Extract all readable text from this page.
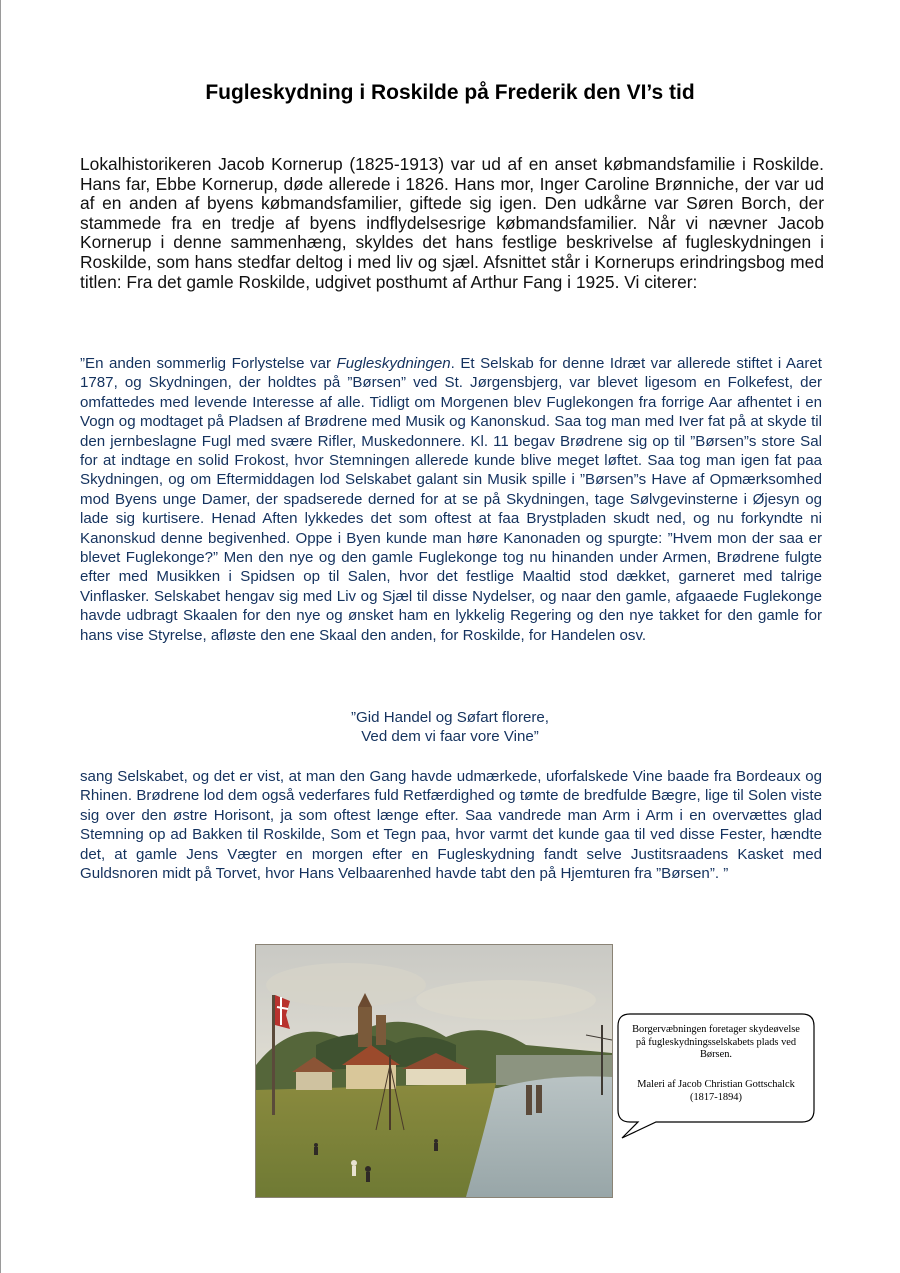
Fugleskydning i Roskilde på Frederik den VI’s tid

Lokalhistorikeren Jacob Kornerup (1825-1913) var ud af en anset købmandsfamilie i Roskilde. Hans far, Ebbe Kornerup, døde allerede i 1826. Hans mor, Inger Caroline Brønniche, der var ud af en anden af byens købmandsfamilier, giftede sig igen. Den udkårne var Søren Borch, der stammede fra en tredje af byens indflydelsesrige købmandsfamilier. Når vi nævner Jacob Kornerup i denne sammenhæng, skyldes det hans festlige beskrivelse af fugleskydningen i Roskilde, som hans stedfar deltog i med liv og sjæl. Afsnittet står i Kornerups erindringsbog med titlen: Fra det gamle Roskilde, udgivet posthumt af Arthur Fang i 1925. Vi citerer:

”En anden sommerlig Forlystelse var Fugleskydningen. Et Selskab for denne Idræt var allerede stiftet i Aaret 1787, og Skydningen, der holdtes på ”Børsen” ved St. Jørgensbjerg, var blevet ligesom en Folkefest, der omfattedes med levende Interesse af alle. Tidligt om Morgenen blev Fuglekongen fra forrige Aar afhentet i en Vogn og modtaget på Pladsen af Brødrene med Musik og Kanonskud. Saa tog man med Iver fat på at skyde til den jernbeslagne Fugl med svære Rifler, Muskedonnere. Kl. 11 begav Brødrene sig op til ”Børsen”s store Sal for at indtage en solid Frokost, hvor Stemningen allerede kunde blive meget løftet. Saa tog man igen fat paa Skydningen, og om Eftermiddagen lod Selskabet galant sin Musik spille i ”Børsen”s Have af Opmærksomhed mod Byens unge Damer, der spadserede derned for at se på Skydningen, tage Sølvgevinsterne i Øjesyn og lade sig kurtisere. Henad Aften lykkedes det som oftest at faa Brystpladen skudt ned, og nu forkyndte ni Kanonskud denne begivenhed. Oppe i Byen kunde man høre Kanonaden og spurgte: ”Hvem mon der saa er blevet Fuglekonge?” Men den nye og den gamle Fuglekonge tog nu hinanden under Armen, Brødrene fulgte efter med Musikken i Spidsen op til Salen, hvor det festlige Maaltid stod dækket, garneret med talrige Vinflasker. Selskabet hengav sig med Liv og Sjæl til disse Nydelser, og naar den gamle, afgaaede Fuglekonge havde udbragt Skaalen for den nye og ønsket ham en lykkelig Regering og den nye takket for den gamle for hans vise Styrelse, afløste den ene Skaal den anden, for Roskilde, for Handelen osv.

”Gid Handel og Søfart florere,
Ved dem vi faar vore Vine”

sang Selskabet, og det er vist, at man den Gang havde udmærkede, uforfalskede Vine baade fra Bordeaux og Rhinen. Brødrene lod dem også vederfares fuld Retfærdighed og tømte de bredfulde Bægre, lige til Solen viste sig over den østre Horisont, ja som oftest længe efter. Saa vandrede man Arm i Arm i en overvættes glad Stemning op ad Bakken til Roskilde, Som et Tegn paa, hvor varmt det kunde gaa til ved disse Fester, hændte det, at gamle Jens Vægter en morgen efter en Fugleskydning fandt selve Justitsraadens Kasket med Guldsnoren midt på Torvet, hvor Hans Velbaarenhed havde tabt den på Hjemturen fra ”Børsen”. ”

Borgervæbningen foretager skydeøvelse på fugleskydningsselskabets plads ved Børsen.
Maleri af Jacob Christian Gottschalck (1817-1894)
